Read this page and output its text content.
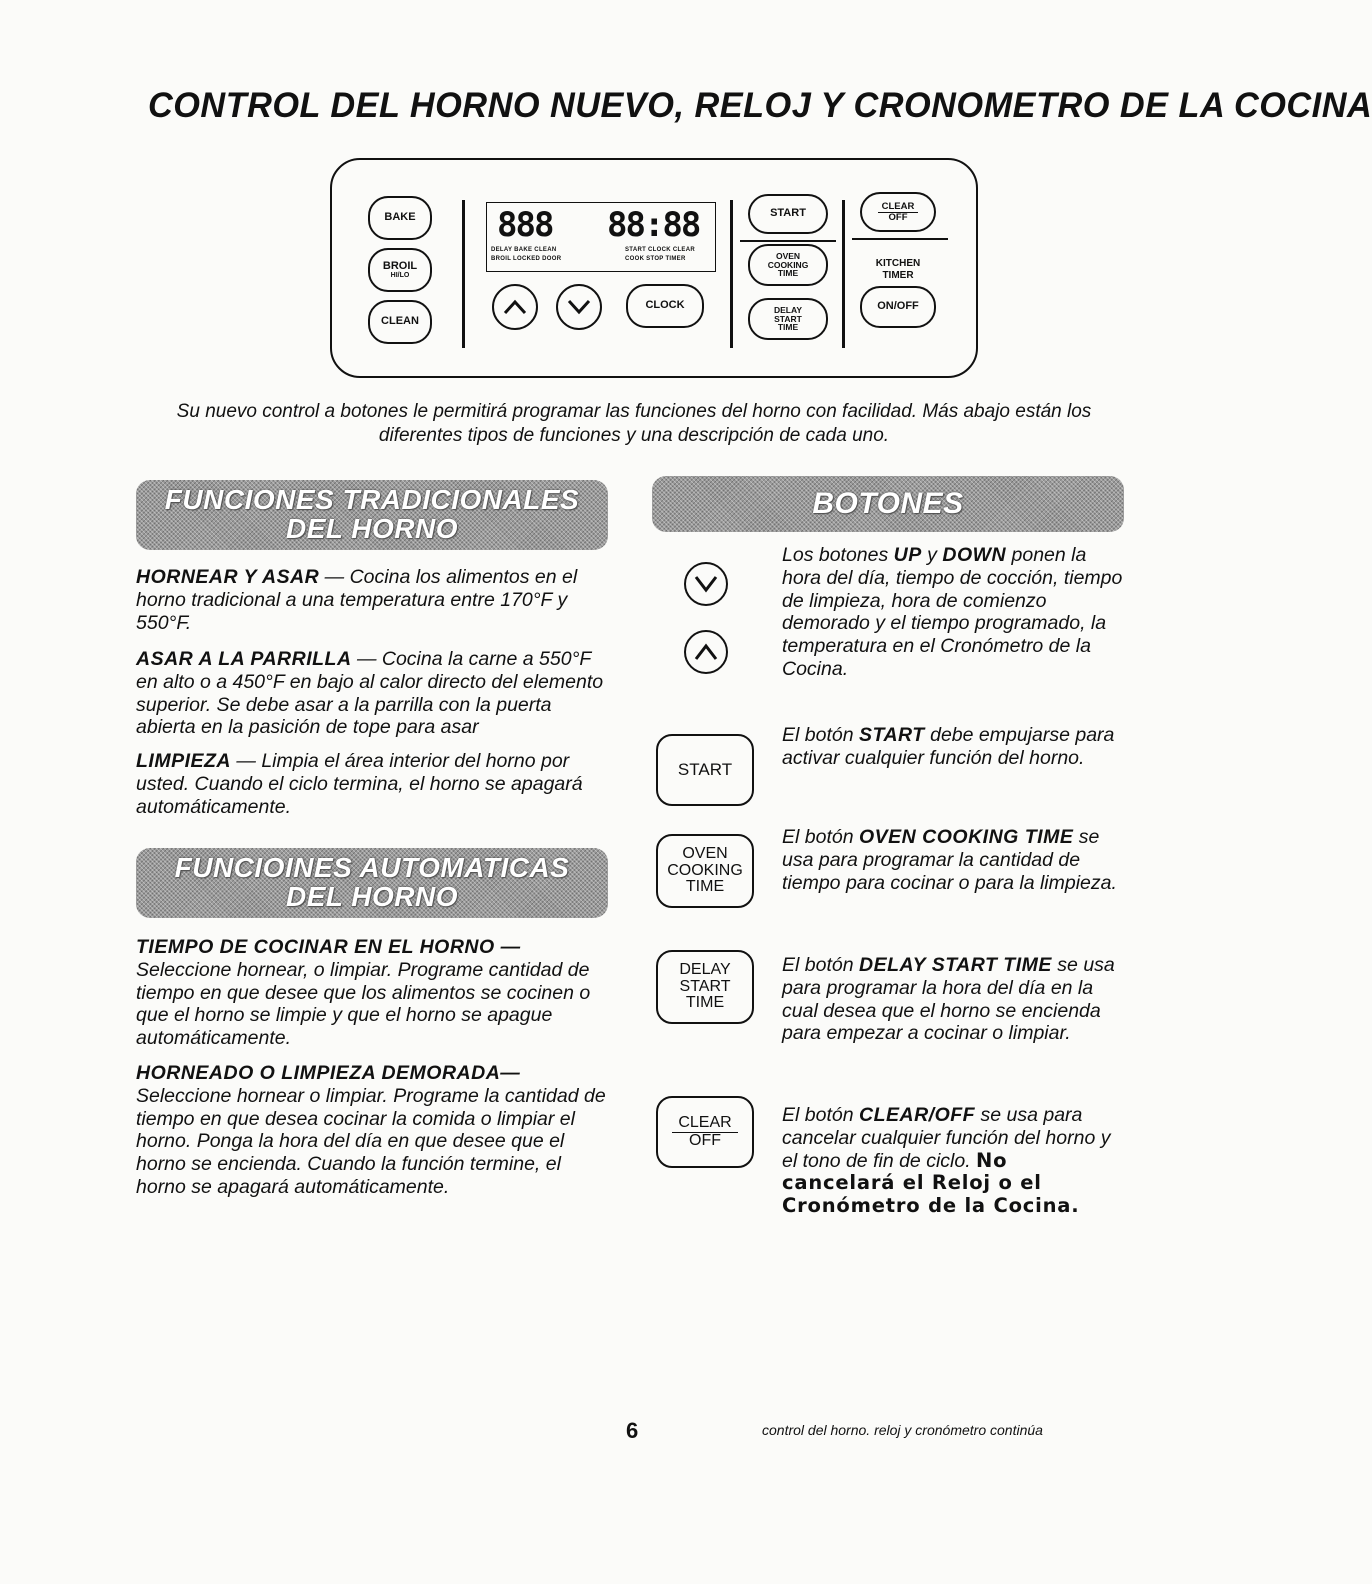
CONTROL DEL HORNO NUEVO, RELOJ Y CRONOMETRO DE LA COCINA
BAKE
BROIL
HI/LO
CLEAN
888 88:88
DELAY BAKE CLEAN
BROIL LOCKED DOOR
START CLOCK CLEAR
COOK STOP TIMER
CLOCK
START
OVEN
COOKING
TIME
DELAY
START
TIME
CLEAR
OFF
KITCHEN
TIMER
ON/OFF
Su nuevo control a botones le permitirá programar las funciones del horno con facilidad. Más abajo están los diferentes tipos de funciones y una descripción de cada uno.
FUNCIONES TRADICIONALES
DEL HORNO
HORNEAR Y ASAR — Cocina los alimentos en el horno tradicional a una temperatura entre 170°F y 550°F.
ASAR A LA PARRILLA — Cocina la carne a 550°F en alto o a 450°F en bajo al calor directo del elemento superior. Se debe asar a la parrilla con la puerta abierta en la pasición de tope para asar
LIMPIEZA — Limpia el área interior del horno por usted. Cuando el ciclo termina, el horno se apagará automáticamente.
FUNCIOINES AUTOMATICAS
DEL HORNO
TIEMPO DE COCINAR EN EL HORNO —
Seleccione hornear, o limpiar. Programe cantidad de tiempo en que desee que los alimentos se cocinen o que el horno se limpie y que el horno se apague automáticamente.
HORNEADO O LIMPIEZA DEMORADA—
Seleccione hornear o limpiar. Programe la cantidad de tiempo en que desea cocinar la comida o limpiar el horno. Ponga la hora del día en que desee que el horno se encienda. Cuando la función termine, el horno se apagará automáticamente.
BOTONES
Los botones UP y DOWN ponen la hora del día, tiempo de cocción, tiempo de limpieza, hora de comienzo demorado y el tiempo programado, la temperatura en el Cronómetro de la Cocina.
START
El botón START debe empujarse para activar cualquier función del horno.
OVEN
COOKING
TIME
El botón OVEN COOKING TIME se usa para programar la cantidad de tiempo para cocinar o para la limpieza.
DELAY
START
TIME
El botón DELAY START TIME se usa para programar la hora del día en la cual desea que el horno se encienda para empezar a cocinar o limpiar.
CLEAR
OFF
El botón CLEAR/OFF se usa para cancelar cualquier función del horno y el tono de fin de ciclo. No cancelará el Reloj o el Cronómetro de la Cocina.
6	control del horno. reloj y cronómetro continúa
